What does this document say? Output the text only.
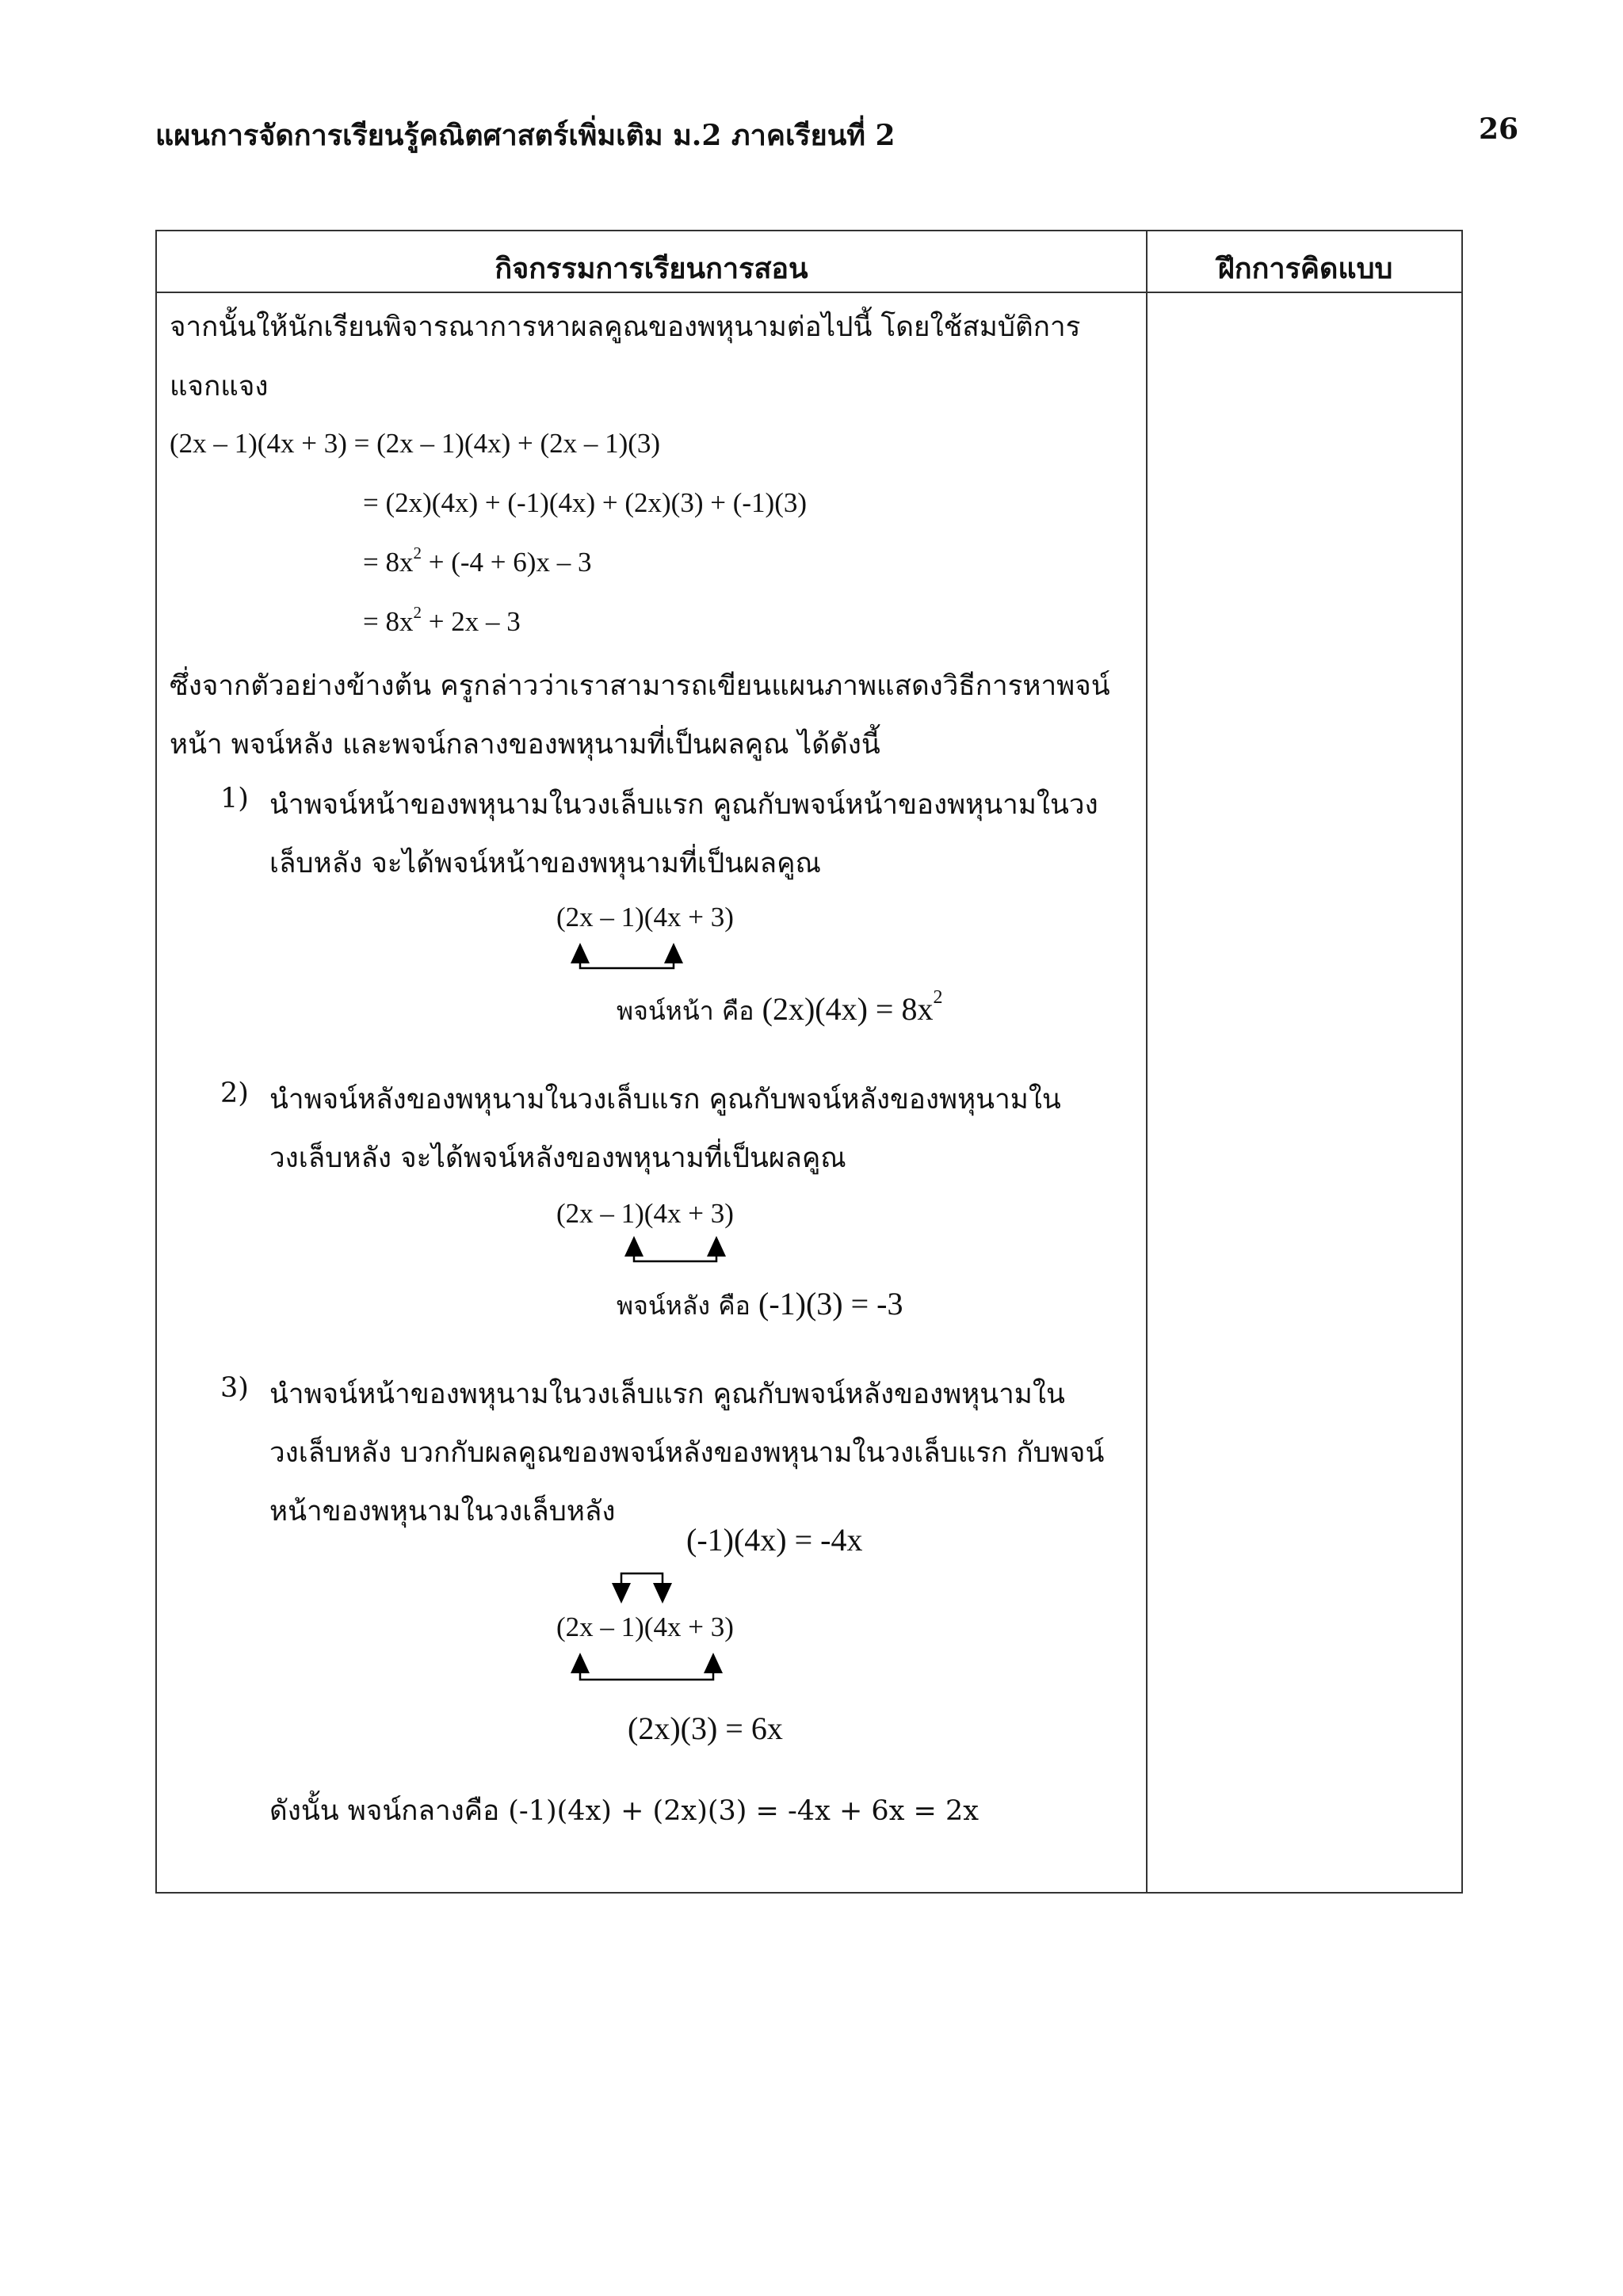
แผนการจัดการเรียนรู้คณิตศาสตร์เพิ่มเติม ม.2 ภาคเรียนที่ 2	26
กิจกรรมการเรียนการสอน	ฝึกการคิดแบบ
จากนั้นให้นักเรียนพิจารณาการหาผลคูณของพหุนามต่อไปนี้ โดยใช้สมบัติการ
แจกแจง
(2x – 1)(4x + 3) = (2x – 1)(4x) + (2x – 1)(3)
= (2x)(4x) + (-1)(4x) + (2x)(3) + (-1)(3)
= $8x^2 + (-4 + 6)x - 3$
= $8x^2 + 2x - 3$
ซึ่งจากตัวอย่างข้างต้น ครูกล่าวว่าเราสามารถเขียนแผนภาพแสดงวิธีการหาพจน์
หน้า พจน์หลัง และพจน์กลางของพหุนามที่เป็นผลคูณ ได้ดังนี้
1) นำพจน์หน้าของพหุนามในวงเล็บแรก คูณกับพจน์หน้าของพหุนามในวง
เล็บหลัง จะได้พจน์หน้าของพหุนามที่เป็นผลคูณ
(2x – 1)(4x + 3)
พจน์หน้า คือ $(2x)(4x) = 8x^2$
2) นำพจน์หลังของพหุนามในวงเล็บแรก คูณกับพจน์หลังของพหุนามใน
วงเล็บหลัง จะได้พจน์หลังของพหุนามที่เป็นผลคูณ
(2x – 1)(4x + 3)
พจน์หลัง คือ (-1)(3) = -3
3) นำพจน์หน้าของพหุนามในวงเล็บแรก คูณกับพจน์หลังของพหุนามใน
วงเล็บหลัง บวกกับผลคูณของพจน์หลังของพหุนามในวงเล็บแรก กับพจน์
หน้าของพหุนามในวงเล็บหลัง
(-1)(4x) = -4x
(2x – 1)(4x + 3)
(2x)(3) = 6x
ดังนั้น พจน์กลางคือ (-1)(4x) + (2x)(3) = -4x + 6x = 2x
